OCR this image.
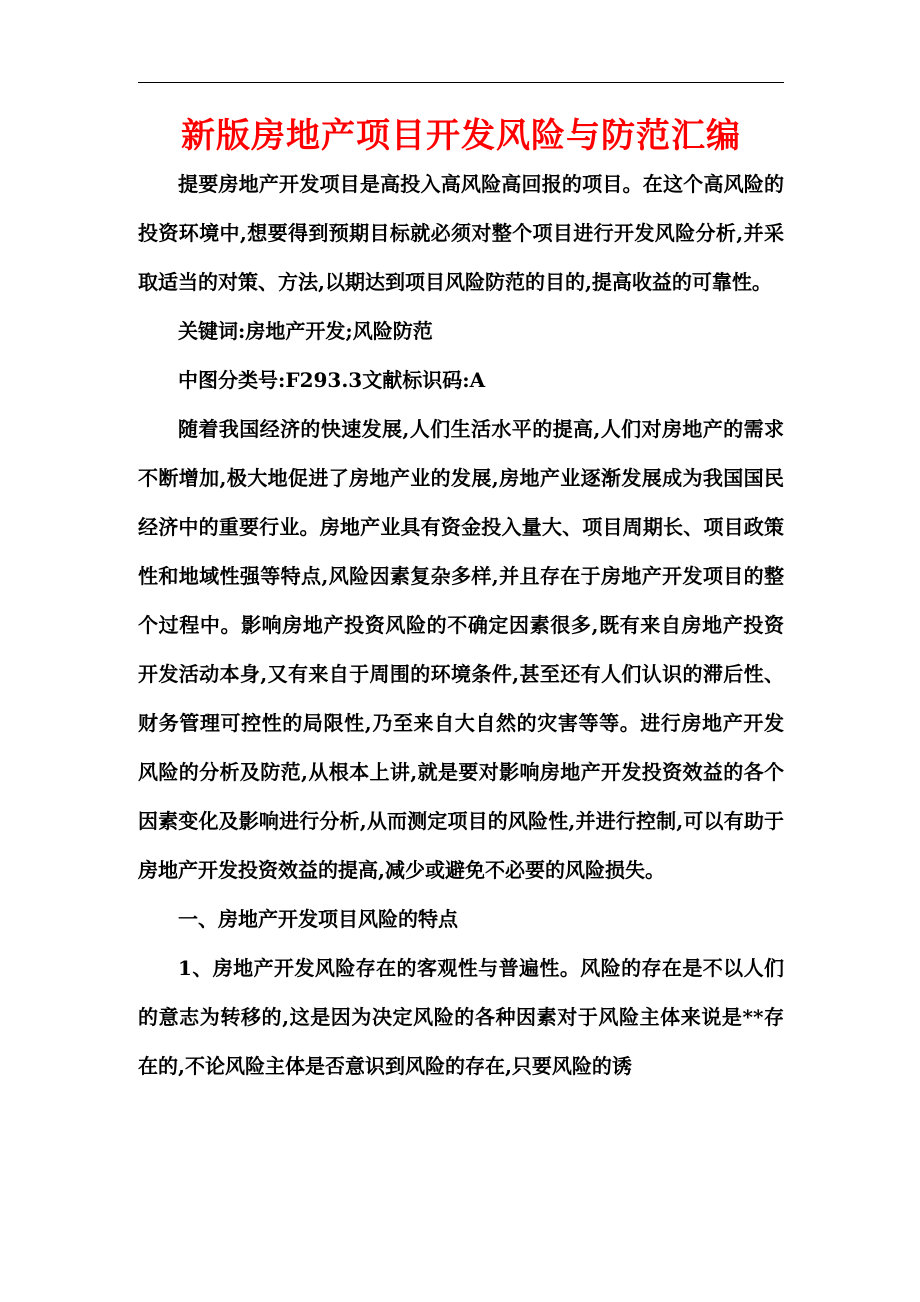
新版房地产项目开发风险与防范汇编

提要房地产开发项目是高投入高风险高回报的项目。在这个高风险的投资环境中,想要得到预期目标就必须对整个项目进行开发风险分析,并采取适当的对策、方法,以期达到项目风险防范的目的,提高收益的可靠性。

关键词:房地产开发;风险防范

中图分类号:F293.3文献标识码:A

随着我国经济的快速发展,人们生活水平的提高,人们对房地产的需求不断增加,极大地促进了房地产业的发展,房地产业逐渐发展成为我国国民经济中的重要行业。房地产业具有资金投入量大、项目周期长、项目政策性和地域性强等特点,风险因素复杂多样,并且存在于房地产开发项目的整个过程中。影响房地产投资风险的不确定因素很多,既有来自房地产投资开发活动本身,又有来自于周围的环境条件,甚至还有人们认识的滞后性、财务管理可控性的局限性,乃至来自大自然的灾害等等。进行房地产开发风险的分析及防范,从根本上讲,就是要对影响房地产开发投资效益的各个因素变化及影响进行分析,从而测定项目的风险性,并进行控制,可以有助于房地产开发投资效益的提高,减少或避免不必要的风险损失。

一、房地产开发项目风险的特点

1、房地产开发风险存在的客观性与普遍性。风险的存在是不以人们的意志为转移的,这是因为决定风险的各种因素对于风险主体来说是**存在的,不论风险主体是否意识到风险的存在,只要风险的诱
